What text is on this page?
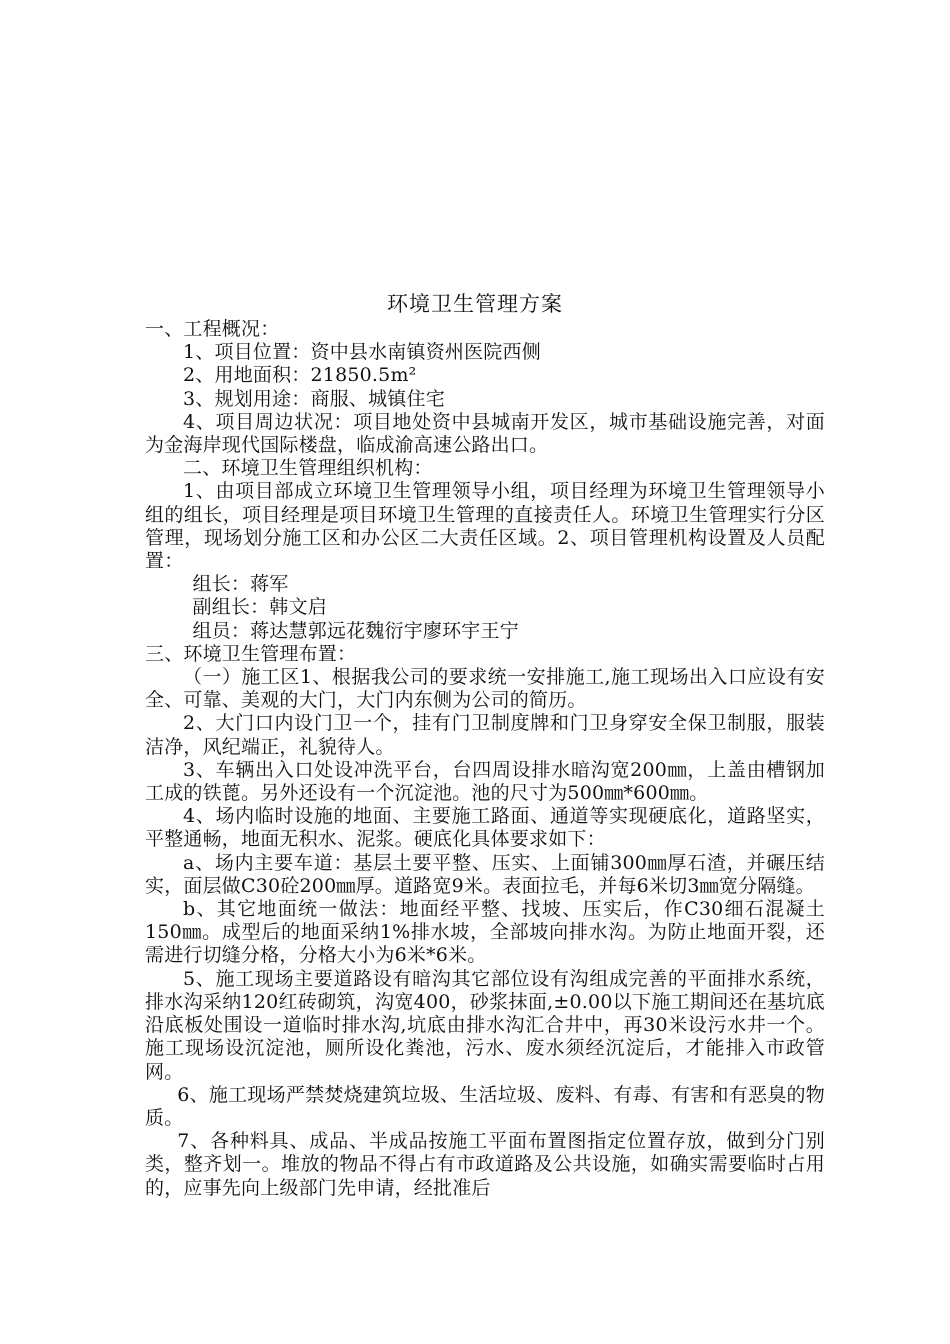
环境卫生管理方案

一、工程概况：

1、项目位置：资中县水南镇资州医院西侧

2、用地面积：21850.5m²

3、规划用途：商服、城镇住宅

4、项目周边状况：项目地处资中县城南开发区，城市基础设施完善，对面为金海岸现代国际楼盘，临成渝高速公路出口。

二、环境卫生管理组织机构：

1、由项目部成立环境卫生管理领导小组，项目经理为环境卫生管理领导小组的组长，项目经理是项目环境卫生管理的直接责任人。环境卫生管理实行分区管理，现场划分施工区和办公区二大责任区域。2、项目管理机构设置及人员配置：

组长：蒋军

副组长：韩文启

组员：蒋达慧郭远花魏衍宇廖环宇王宁

三、环境卫生管理布置：

（一）施工区1、根据我公司的要求统一安排施工,施工现场出入口应设有安全、可靠、美观的大门，大门内东侧为公司的简历。

2、大门口内设门卫一个，挂有门卫制度牌和门卫身穿安全保卫制服，服装洁净，风纪端正，礼貌待人。

3、车辆出入口处设冲洗平台，台四周设排水暗沟宽200㎜，上盖由槽钢加工成的铁蓖。另外还设有一个沉淀池。池的尺寸为500㎜*600㎜。

4、场内临时设施的地面、主要施工路面、通道等实现硬底化，道路坚实，平整通畅，地面无积水、泥浆。硬底化具体要求如下：

a、场内主要车道：基层土要平整、压实、上面铺300㎜厚石渣，并碾压结实，面层做C30砼200㎜厚。道路宽9米。表面拉毛，并每6米切3㎜宽分隔缝。

b、其它地面统一做法：地面经平整、找坡、压实后，作C30细石混凝土150㎜。成型后的地面采纳1%排水坡，全部坡向排水沟。为防止地面开裂，还需进行切缝分格，分格大小为6米*6米。

5、施工现场主要道路设有暗沟其它部位设有沟组成完善的平面排水系统，排水沟采纳120红砖砌筑，沟宽400，砂浆抹面,±0.00以下施工期间还在基坑底沿底板处围设一道临时排水沟,坑底由排水沟汇合井中，再30米设污水井一个。施工现场设沉淀池，厕所设化粪池，污水、废水须经沉淀后，才能排入市政管网。

6、施工现场严禁焚烧建筑垃圾、生活垃圾、废料、有毒、有害和有恶臭的物质。

7、各种料具、成品、半成品按施工平面布置图指定位置存放，做到分门别类，整齐划一。堆放的物品不得占有市政道路及公共设施，如确实需要临时占用的，应事先向上级部门先申请，经批准后
